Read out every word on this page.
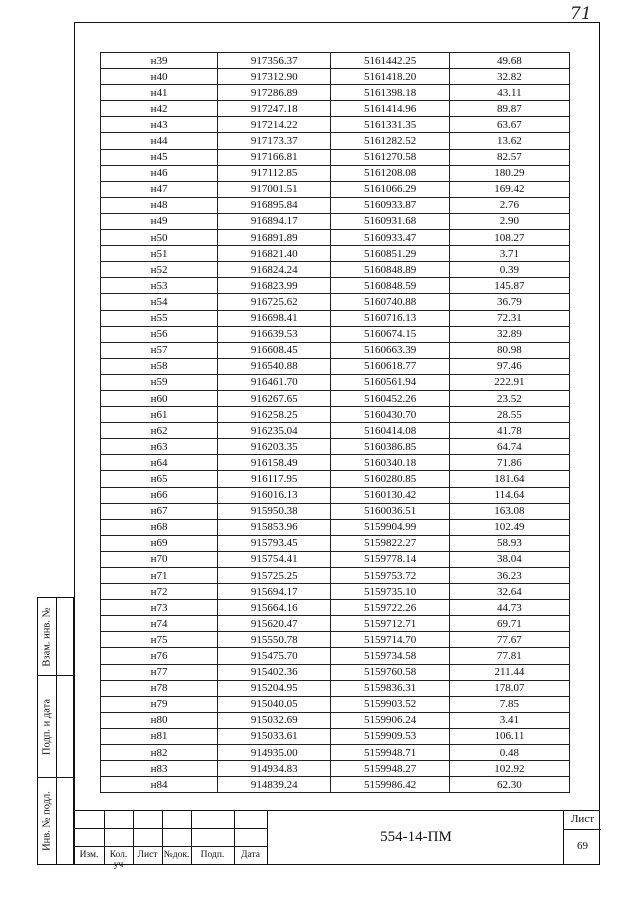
71
н39	917356.37	5161442.25	49.68
н40	917312.90	5161418.20	32.82
н41	917286.89	5161398.18	43.11
н42	917247.18	5161414.96	89.87
н43	917214.22	5161331.35	63.67
н44	917173.37	5161282.52	13.62
н45	917166.81	5161270.58	82.57
н46	917112.85	5161208.08	180.29
н47	917001.51	5161066.29	169.42
н48	916895.84	5160933.87	2.76
н49	916894.17	5160931.68	2.90
н50	916891.89	5160933.47	108.27
н51	916821.40	5160851.29	3.71
н52	916824.24	5160848.89	0.39
н53	916823.99	5160848.59	145.87
н54	916725.62	5160740.88	36.79
н55	916698.41	5160716.13	72.31
н56	916639.53	5160674.15	32.89
н57	916608.45	5160663.39	80.98
н58	916540.88	5160618.77	97.46
н59	916461.70	5160561.94	222.91
н60	916267.65	5160452.26	23.52
н61	916258.25	5160430.70	28.55
н62	916235.04	5160414.08	41.78
н63	916203.35	5160386.85	64.74
н64	916158.49	5160340.18	71.86
н65	916117.95	5160280.85	181.64
н66	916016.13	5160130.42	114.64
н67	915950.38	5160036.51	163.08
н68	915853.96	5159904.99	102.49
н69	915793.45	5159822.27	58.93
н70	915754.41	5159778.14	38.04
н71	915725.25	5159753.72	36.23
н72	915694.17	5159735.10	32.64
н73	915664.16	5159722.26	44.73
н74	915620.47	5159712.71	69.71
н75	915550.78	5159714.70	77.67
н76	915475.70	5159734.58	77.81
н77	915402.36	5159760.58	211.44
н78	915204.95	5159836.31	178.07
н79	915040.05	5159903.52	7.85
н80	915032.69	5159906.24	3.41
н81	915033.61	5159909.53	106.11
н82	914935.00	5159948.71	0.48
н83	914934.83	5159948.27	102.92
н84	914839.24	5159986.42	62.30
Взам. инв. №
Подп. и дата
Инв. № подл.
Изм.	Кол. уч
Лист №док.	Подп.	Дата
554-14-ПМ
Лист
69
